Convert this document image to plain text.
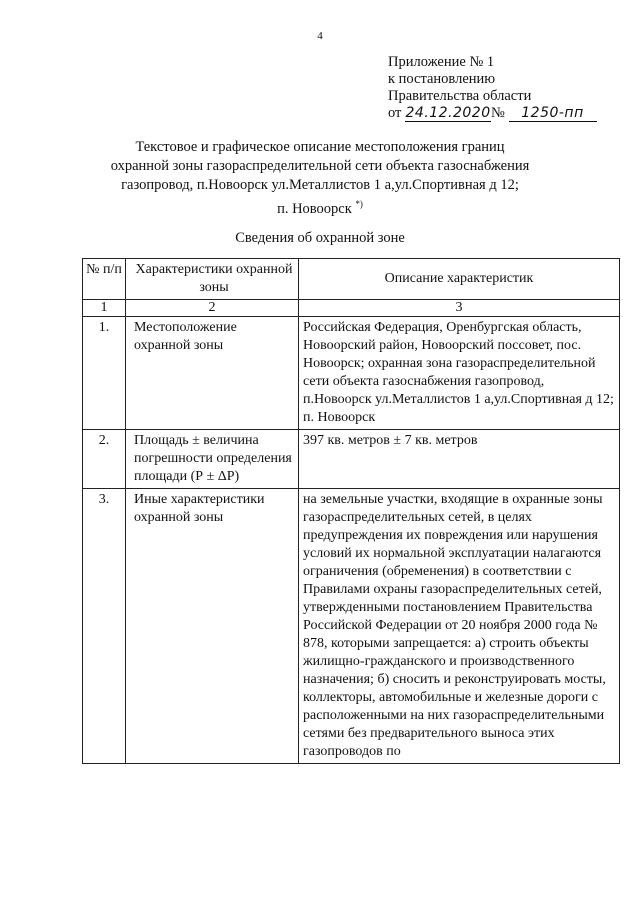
4
Приложение № 1
к постановлению
Правительства области
от 24.12.2020№ 1250-пп
Текстовое и графическое описание местоположения границ
охранной зоны газораспределительной сети объекта газоснабжения
газопровод, п.Новоорск ул.Металлистов 1 а,ул.Спортивная д 12;
п. Новоорск *)
Сведения об охранной зоне
№ п/п	Характеристики охранной зоны	Описание характеристик
1	2	3
1.	Местоположение охранной зоны	Российская Федерация, Оренбургская область, Новоорский район, Новоорский поссовет, пос. Новоорск; охранная зона газораспределительной сети объекта газоснабжения газопровод, п.Новоорск ул.Металлистов 1 а,ул.Спортивная д 12; п. Новоорск
2.	Площадь ± величина погрешности определения площади (Р ± ΔР)	397 кв. метров ± 7 кв. метров
3.	Иные характеристики охранной зоны	на земельные участки, входящие в охранные зоны газораспределительных сетей, в целях предупреждения их повреждения или нарушения условий их нормальной эксплуатации налагаются ограничения (обременения) в соответствии с Правилами охраны газораспределительных сетей, утвержденными постановлением Правительства Российской Федерации от 20 ноября 2000 года № 878, которыми запрещается: а) строить объекты жилищно-гражданского и производственного назначения; б) сносить и реконструировать мосты, коллекторы, автомобильные и железные дороги с расположенными на них газораспределительными сетями без предварительного выноса этих газопроводов по
